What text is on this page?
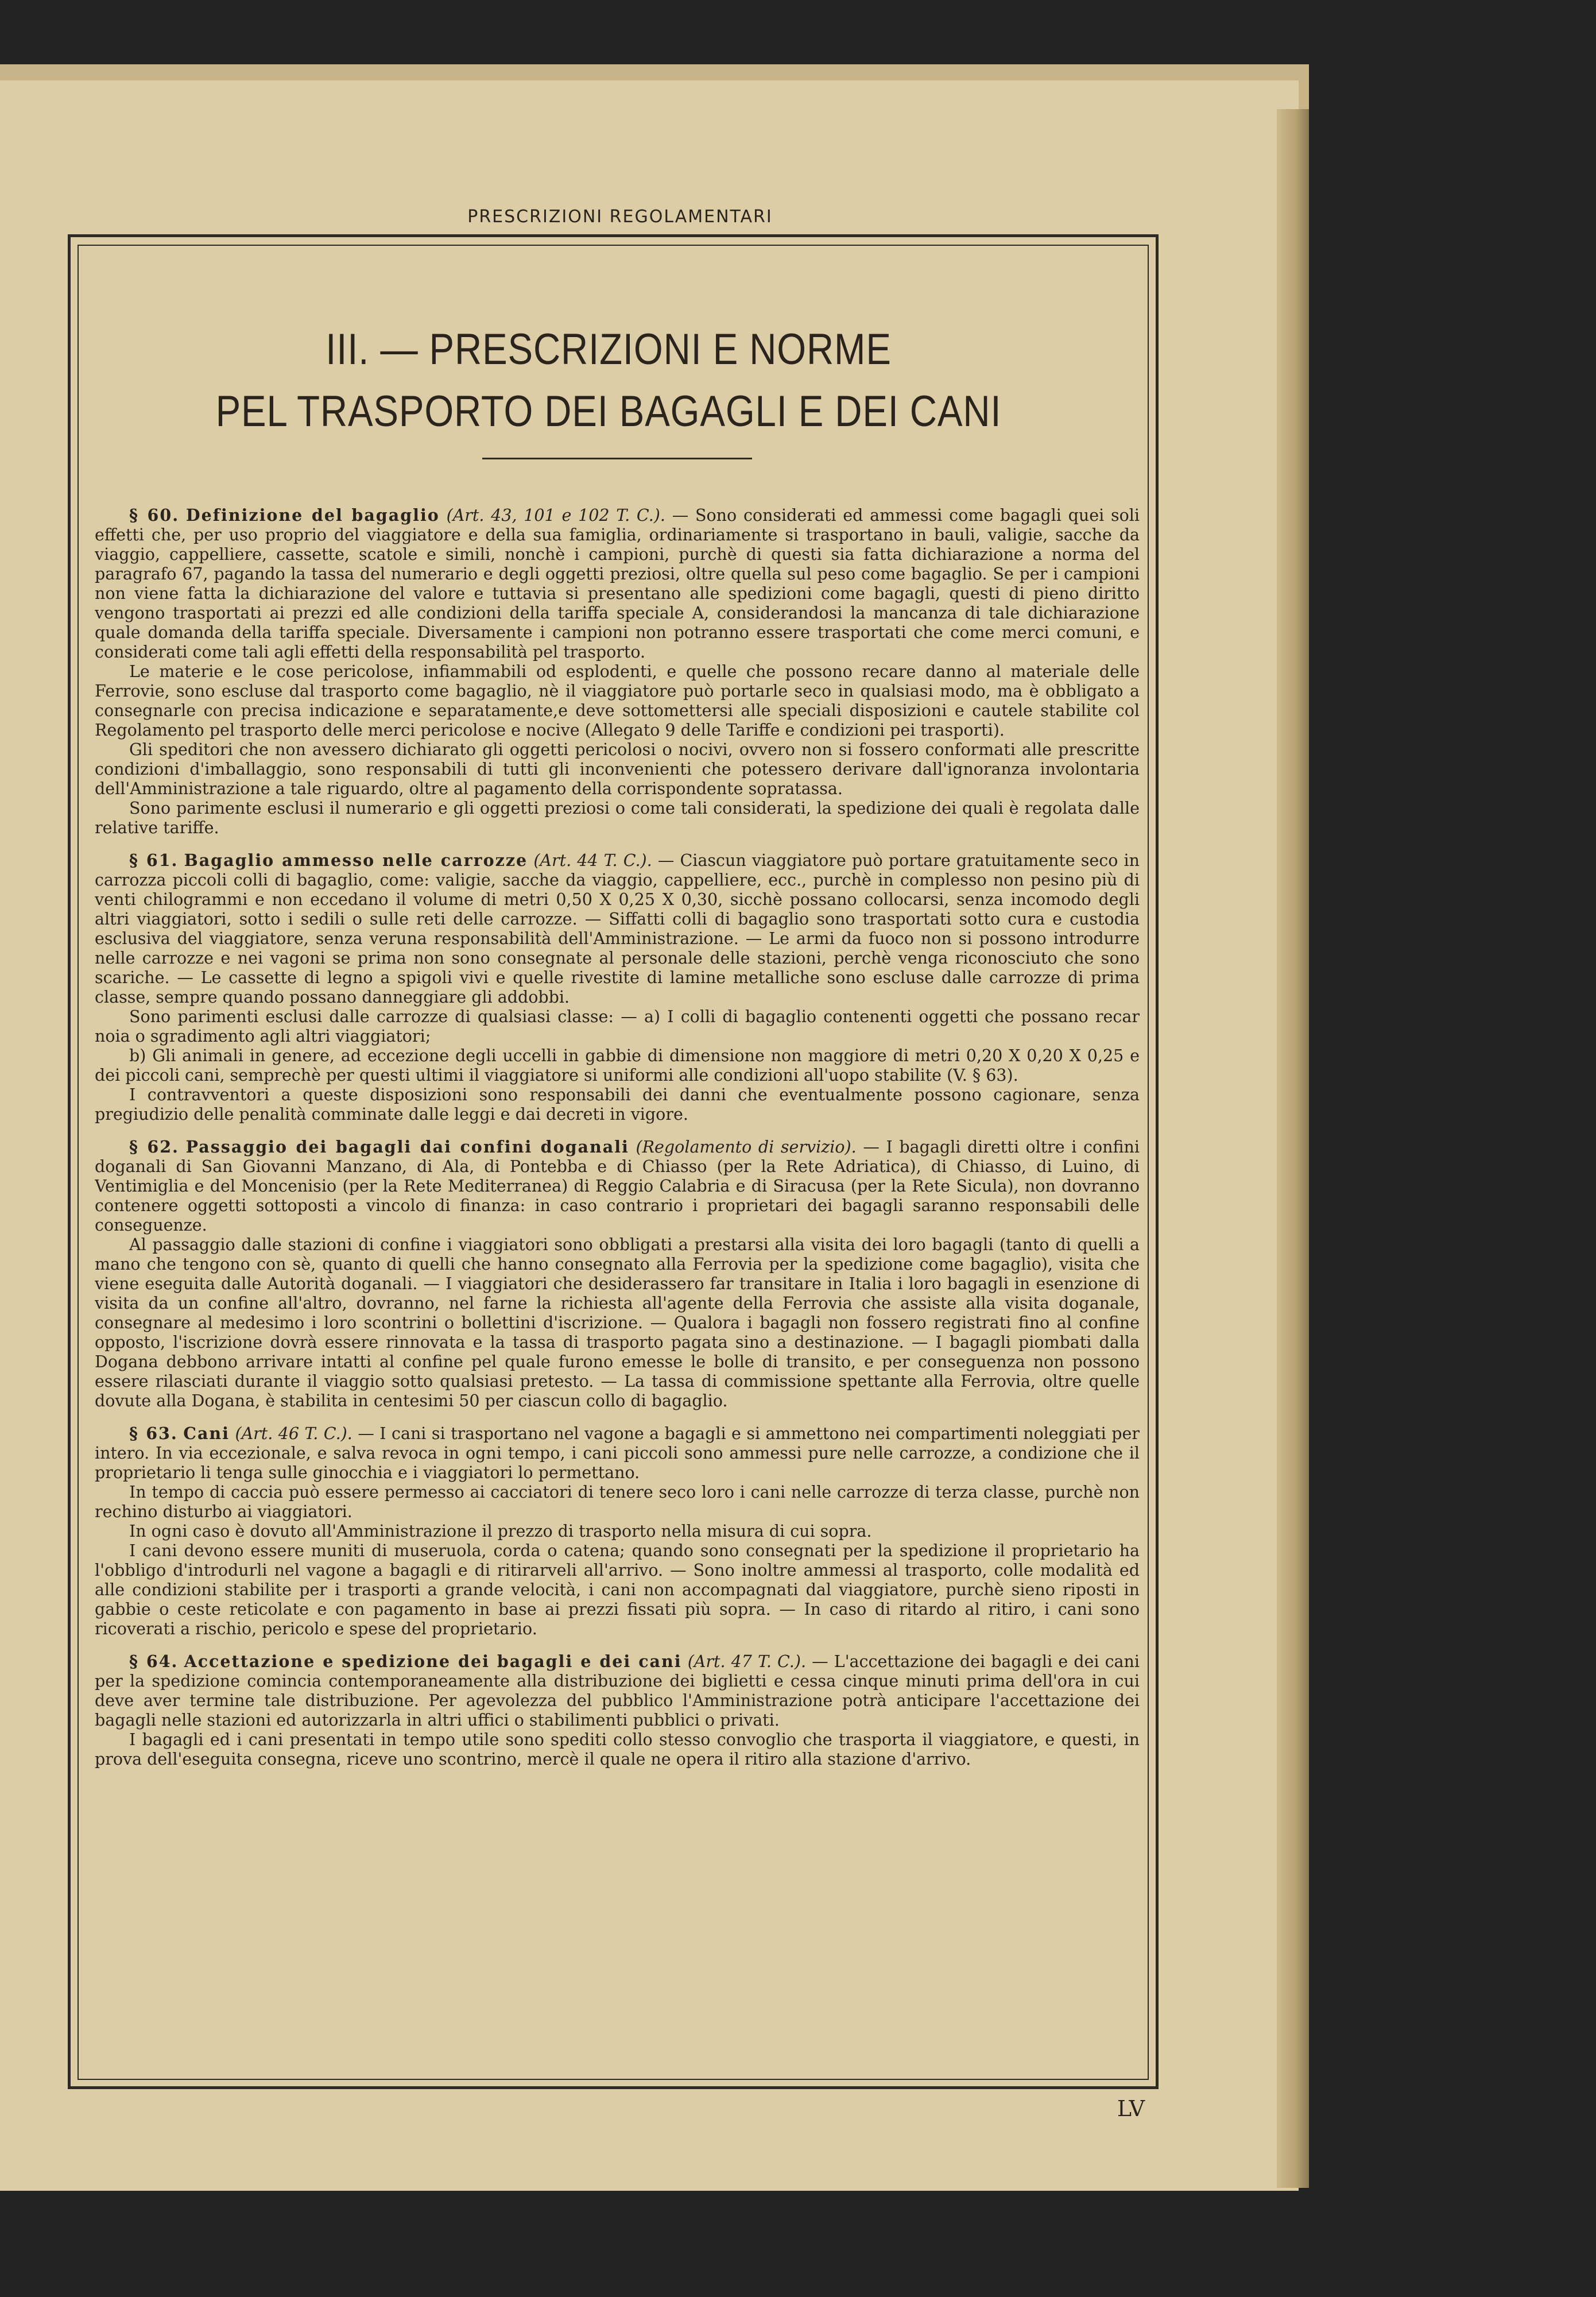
PRESCRIZIONI REGOLAMENTARI
III. — PRESCRIZIONI E NORME
PEL TRASPORTO DEI BAGAGLI E DEI CANI

§ 60. Definizione del bagaglio (Art. 43, 101 e 102 T. C.). — Sono considerati ed ammessi come bagagli quei soli effetti che, per uso proprio del viaggiatore e della sua famiglia, ordinariamente si trasportano in bauli, valigie, sacche da viaggio, cappelliere, cassette, scatole e simili, nonchè i campioni, purchè di questi sia fatta dichiarazione a norma del paragrafo 67, pagando la tassa del numerario e degli oggetti preziosi, oltre quella sul peso come bagaglio. Se per i campioni non viene fatta la dichiarazione del valore e tuttavia si presentano alle spedizioni come bagagli, questi di pieno diritto vengono trasportati ai prezzi ed alle condizioni della tariffa speciale A, considerandosi la mancanza di tale dichiarazione quale domanda della tariffa speciale. Diversamente i campioni non potranno essere trasportati che come merci comuni, e considerati come tali agli effetti della responsabilità pel trasporto.

Le materie e le cose pericolose, infiammabili od esplodenti, e quelle che possono recare danno al materiale delle Ferrovie, sono escluse dal trasporto come bagaglio, nè il viaggiatore può portarle seco in qualsiasi modo, ma è obbligato a consegnarle con precisa indicazione e separatamente,e deve sottomettersi alle speciali disposizioni e cautele stabilite col Regolamento pel trasporto delle merci pericolose e nocive (Allegato 9 delle Tariffe e condizioni pei trasporti).

Gli speditori che non avessero dichiarato gli oggetti pericolosi o nocivi, ovvero non si fossero conformati alle prescritte condizioni d'imballaggio, sono responsabili di tutti gli inconvenienti che potessero derivare dall'ignoranza involontaria dell'Amministrazione a tale riguardo, oltre al pagamento della corrispondente sopratassa.

Sono parimente esclusi il numerario e gli oggetti preziosi o come tali considerati, la spedizione dei quali è regolata dalle relative tariffe.

§ 61. Bagaglio ammesso nelle carrozze (Art. 44 T. C.). — Ciascun viaggiatore può portare gratuitamente seco in carrozza piccoli colli di bagaglio, come: valigie, sacche da viaggio, cappelliere, ecc., purchè in complesso non pesino più di venti chilogrammi e non eccedano il volume di metri 0,50 X 0,25 X 0,30, sicchè possano collocarsi, senza incomodo degli altri viaggiatori, sotto i sedili o sulle reti delle carrozze. — Siffatti colli di bagaglio sono trasportati sotto cura e custodia esclusiva del viaggiatore, senza veruna responsabilità dell'Amministrazione. — Le armi da fuoco non si possono introdurre nelle carrozze e nei vagoni se prima non sono consegnate al personale delle stazioni, perchè venga riconosciuto che sono scariche. — Le cassette di legno a spigoli vivi e quelle rivestite di lamine metalliche sono escluse dalle carrozze di prima classe, sempre quando possano danneggiare gli addobbi.

Sono parimenti esclusi dalle carrozze di qualsiasi classe: — a) I colli di bagaglio contenenti oggetti che possano recar noia o sgradimento agli altri viaggiatori;

b) Gli animali in genere, ad eccezione degli uccelli in gabbie di dimensione non maggiore di metri 0,20 X 0,20 X 0,25 e dei piccoli cani, semprechè per questi ultimi il viaggiatore si uniformi alle condizioni all'uopo stabilite (V. § 63).

I contravventori a queste disposizioni sono responsabili dei danni che eventualmente possono cagionare, senza pregiudizio delle penalità comminate dalle leggi e dai decreti in vigore.

§ 62. Passaggio dei bagagli dai confini doganali (Regolamento di servizio). — I bagagli diretti oltre i confini doganali di San Giovanni Manzano, di Ala, di Pontebba e di Chiasso (per la Rete Adriatica), di Chiasso, di Luino, di Ventimiglia e del Moncenisio (per la Rete Mediterranea) di Reggio Calabria e di Siracusa (per la Rete Sicula), non dovranno contenere oggetti sottoposti a vincolo di finanza: in caso contrario i proprietari dei bagagli saranno responsabili delle conseguenze.

Al passaggio dalle stazioni di confine i viaggiatori sono obbligati a prestarsi alla visita dei loro bagagli (tanto di quelli a mano che tengono con sè, quanto di quelli che hanno consegnato alla Ferrovia per la spedizione come bagaglio), visita che viene eseguita dalle Autorità doganali. — I viaggiatori che desiderassero far transitare in Italia i loro bagagli in esenzione di visita da un confine all'altro, dovranno, nel farne la richiesta all'agente della Ferrovia che assiste alla visita doganale, consegnare al medesimo i loro scontrini o bollettini d'iscrizione. — Qualora i bagagli non fossero registrati fino al confine opposto, l'iscrizione dovrà essere rinnovata e la tassa di trasporto pagata sino a destinazione. — I bagagli piombati dalla Dogana debbono arrivare intatti al confine pel quale furono emesse le bolle di transito, e per conseguenza non possono essere rilasciati durante il viaggio sotto qualsiasi pretesto. — La tassa di commissione spettante alla Ferrovia, oltre quelle dovute alla Dogana, è stabilita in centesimi 50 per ciascun collo di bagaglio.

§ 63. Cani (Art. 46 T. C.). — I cani si trasportano nel vagone a bagagli e si ammettono nei compartimenti noleggiati per intero. In via eccezionale, e salva revoca in ogni tempo, i cani piccoli sono ammessi pure nelle carrozze, a condizione che il proprietario li tenga sulle ginocchia e i viaggiatori lo permettano.

In tempo di caccia può essere permesso ai cacciatori di tenere seco loro i cani nelle carrozze di terza classe, purchè non rechino disturbo ai viaggiatori.

In ogni caso è dovuto all'Amministrazione il prezzo di trasporto nella misura di cui sopra.

I cani devono essere muniti di museruola, corda o catena; quando sono consegnati per la spedizione il proprietario ha l'obbligo d'introdurli nel vagone a bagagli e di ritirarveli all'arrivo. — Sono inoltre ammessi al trasporto, colle modalità ed alle condizioni stabilite per i trasporti a grande velocità, i cani non accompagnati dal viaggiatore, purchè sieno riposti in gabbie o ceste reticolate e con pagamento in base ai prezzi fissati più sopra. — In caso di ritardo al ritiro, i cani sono ricoverati a rischio, pericolo e spese del proprietario.

§ 64. Accettazione e spedizione dei bagagli e dei cani (Art. 47 T. C.). — L'accettazione dei bagagli e dei cani per la spedizione comincia contemporaneamente alla distribuzione dei biglietti e cessa cinque minuti prima dell'ora in cui deve aver termine tale distribuzione. Per agevolezza del pubblico l'Amministrazione potrà anticipare l'accettazione dei bagagli nelle stazioni ed autorizzarla in altri uffici o stabilimenti pubblici o privati.

I bagagli ed i cani presentati in tempo utile sono spediti collo stesso convoglio che trasporta il viaggiatore, e questi, in prova dell'eseguita consegna, riceve uno scontrino, mercè il quale ne opera il ritiro alla stazione d'arrivo.

LV
